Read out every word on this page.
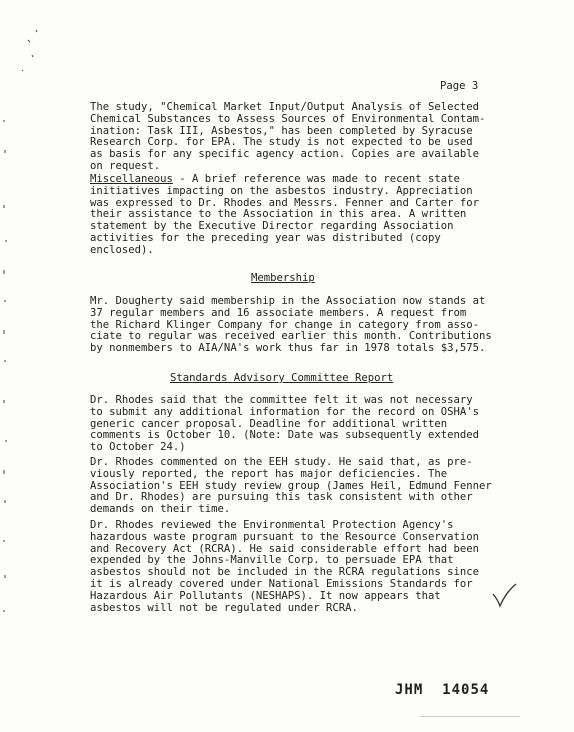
Page 3

The study, "Chemical Market Input/Output Analysis of Selected
Chemical Substances to Assess Sources of Environmental Contam-
ination: Task III, Asbestos," has been completed by Syracuse
Research Corp. for EPA. The study is not expected to be used
as basis for any specific agency action. Copies are available
on request.

Miscellaneous - A brief reference was made to recent state
initiatives impacting on the asbestos industry. Appreciation
was expressed to Dr. Rhodes and Messrs. Fenner and Carter for
their assistance to the Association in this area. A written
statement by the Executive Director regarding Association
activities for the preceding year was distributed (copy
enclosed).

Membership

Mr. Dougherty said membership in the Association now stands at
37 regular members and 16 associate members. A request from
the Richard Klinger Company for change in category from asso-
ciate to regular was received earlier this month. Contributions
by nonmembers to AIA/NA's work thus far in 1978 totals $3,575.

Standards Advisory Committee Report

Dr. Rhodes said that the committee felt it was not necessary
to submit any additional information for the record on OSHA's
generic cancer proposal. Deadline for additional written
comments is October 10. (Note: Date was subsequently extended
to October 24.)

Dr. Rhodes commented on the EEH study. He said that, as pre-
viously reported, the report has major deficiencies. The
Association's EEH study review group (James Heil, Edmund Fenner
and Dr. Rhodes) are pursuing this task consistent with other
demands on their time.

Dr. Rhodes reviewed the Environmental Protection Agency's
hazardous waste program pursuant to the Resource Conservation
and Recovery Act (RCRA). He said considerable effort had been
expended by the Johns-Manville Corp. to persuade EPA that
asbestos should not be included in the RCRA regulations since
it is already covered under National Emissions Standards for
Hazardous Air Pollutants (NESHAPS). It now appears that
asbestos will not be regulated under RCRA.

JHM 14054
